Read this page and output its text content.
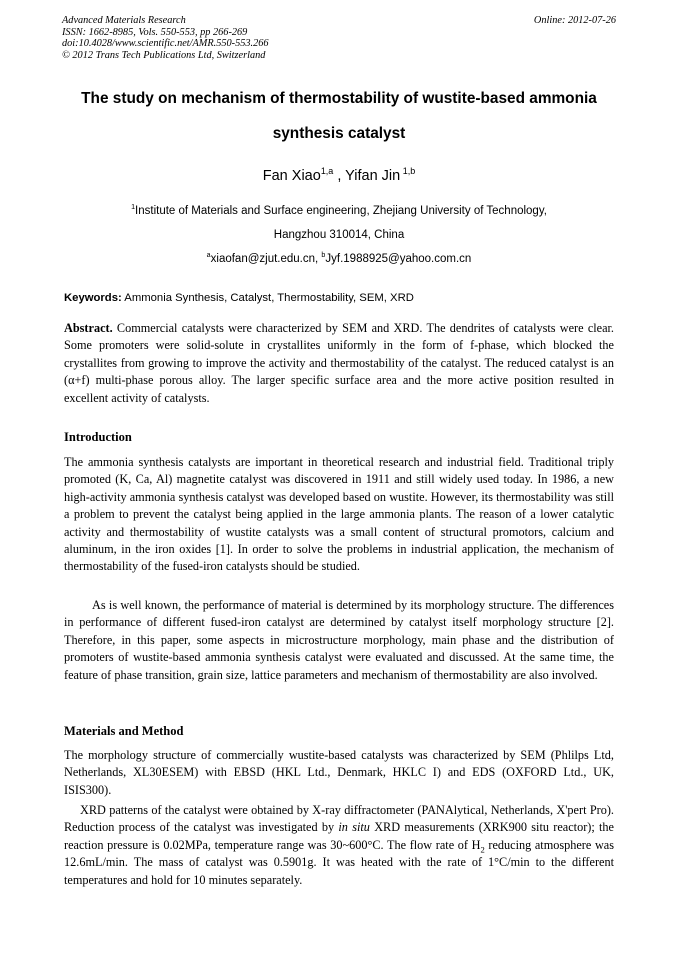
Advanced Materials Research
ISSN: 1662-8985, Vols. 550-553, pp 266-269
doi:10.4028/www.scientific.net/AMR.550-553.266
© 2012 Trans Tech Publications Ltd, Switzerland
Online: 2012-07-26
The study on mechanism of thermostability of wustite-based ammonia
synthesis catalyst
Fan Xiao$^{1,a}$ , Yifan Jin $^{1,b}$
$^1$Institute of Materials and Surface engineering, Zhejiang University of Technology,
Hangzhou 310014, China
$^a$xiaofan@zjut.edu.cn, $^b$Jyf.1988925@yahoo.com.cn
Keywords: Ammonia Synthesis, Catalyst, Thermostability, SEM, XRD

Abstract. Commercial catalysts were characterized by SEM and XRD. The dendrites of catalysts were clear. Some promoters were solid-solute in crystallites uniformly in the form of f-phase, which blocked the crystallites from growing to improve the activity and thermostability of the catalyst. The reduced catalyst is an (α+f) multi-phase porous alloy. The larger specific surface area and the more active position resulted in excellent activity of catalysts.

Introduction

The ammonia synthesis catalysts are important in theoretical research and industrial field. Traditional triply promoted (K, Ca, Al) magnetite catalyst was discovered in 1911 and still widely used today. In 1986, a new high-activity ammonia synthesis catalyst was developed based on wustite. However, its thermostability was still a problem to prevent the catalyst being applied in the large ammonia plants. The reason of a lower catalytic activity and thermostability of wustite catalysts was a small content of structural promotors, calcium and aluminum, in the iron oxides [1]. In order to solve the problems in industrial application, the mechanism of thermostability of the fused-iron catalysts should be studied.

As is well known, the performance of material is determined by its morphology structure. The differences in performance of different fused-iron catalyst are determined by catalyst itself morphology structure [2]. Therefore, in this paper, some aspects in microstructure morphology, main phase and the distribution of promoters of wustite-based ammonia synthesis catalyst were evaluated and discussed. At the same time, the feature of phase transition, grain size, lattice parameters and mechanism of thermostability are also involved.

Materials and Method

The morphology structure of commercially wustite-based catalysts was characterized by SEM (Phlilps Ltd, Netherlands, XL30ESEM) with EBSD (HKL Ltd., Denmark, HKLC I) and EDS (OXFORD Ltd., UK, ISIS300).

XRD patterns of the catalyst were obtained by X-ray diffractometer (PANAlytical, Netherlands, X'pert Pro). Reduction process of the catalyst was investigated by in situ XRD measurements (XRK900 situ reactor); the reaction pressure is 0.02MPa, temperature range was 30~600°C. The flow rate of $H_2$ reducing atmosphere was 12.6mL/min. The mass of catalyst was 0.5901g. It was heated with the rate of 1°C/min to the different temperatures and hold for 10 minutes separately.
